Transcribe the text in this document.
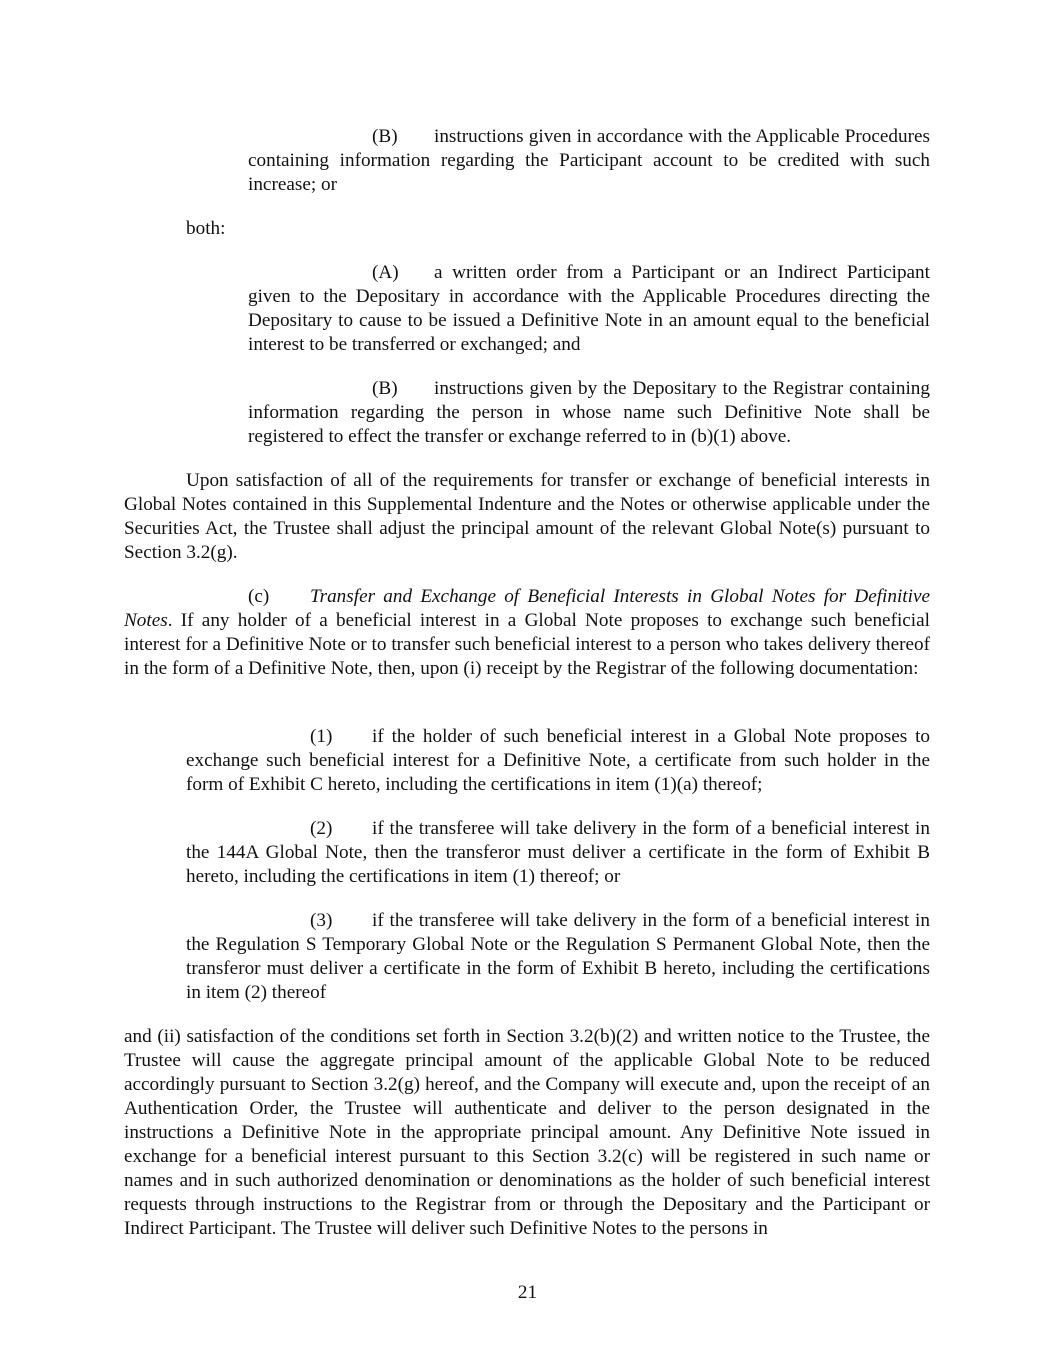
(B) instructions given in accordance with the Applicable Procedures containing information regarding the Participant account to be credited with such increase; or

both:

(A) a written order from a Participant or an Indirect Participant given to the Depositary in accordance with the Applicable Procedures directing the Depositary to cause to be issued a Definitive Note in an amount equal to the beneficial interest to be transferred or exchanged; and

(B) instructions given by the Depositary to the Registrar containing information regarding the person in whose name such Definitive Note shall be registered to effect the transfer or exchange referred to in (b)(1) above.

Upon satisfaction of all of the requirements for transfer or exchange of beneficial interests in Global Notes contained in this Supplemental Indenture and the Notes or otherwise applicable under the Securities Act, the Trustee shall adjust the principal amount of the relevant Global Note(s) pursuant to Section 3.2(g).

(c) Transfer and Exchange of Beneficial Interests in Global Notes for Definitive Notes. If any holder of a beneficial interest in a Global Note proposes to exchange such beneficial interest for a Definitive Note or to transfer such beneficial interest to a person who takes delivery thereof in the form of a Definitive Note, then, upon (i) receipt by the Registrar of the following documentation:

(1) if the holder of such beneficial interest in a Global Note proposes to exchange such beneficial interest for a Definitive Note, a certificate from such holder in the form of Exhibit C hereto, including the certifications in item (1)(a) thereof;

(2) if the transferee will take delivery in the form of a beneficial interest in the 144A Global Note, then the transferor must deliver a certificate in the form of Exhibit B hereto, including the certifications in item (1) thereof; or

(3) if the transferee will take delivery in the form of a beneficial interest in the Regulation S Temporary Global Note or the Regulation S Permanent Global Note, then the transferor must deliver a certificate in the form of Exhibit B hereto, including the certifications in item (2) thereof

and (ii) satisfaction of the conditions set forth in Section 3.2(b)(2) and written notice to the Trustee, the Trustee will cause the aggregate principal amount of the applicable Global Note to be reduced accordingly pursuant to Section 3.2(g) hereof, and the Company will execute and, upon the receipt of an Authentication Order, the Trustee will authenticate and deliver to the person designated in the instructions a Definitive Note in the appropriate principal amount. Any Definitive Note issued in exchange for a beneficial interest pursuant to this Section 3.2(c) will be registered in such name or names and in such authorized denomination or denominations as the holder of such beneficial interest requests through instructions to the Registrar from or through the Depositary and the Participant or Indirect Participant. The Trustee will deliver such Definitive Notes to the persons in

21
